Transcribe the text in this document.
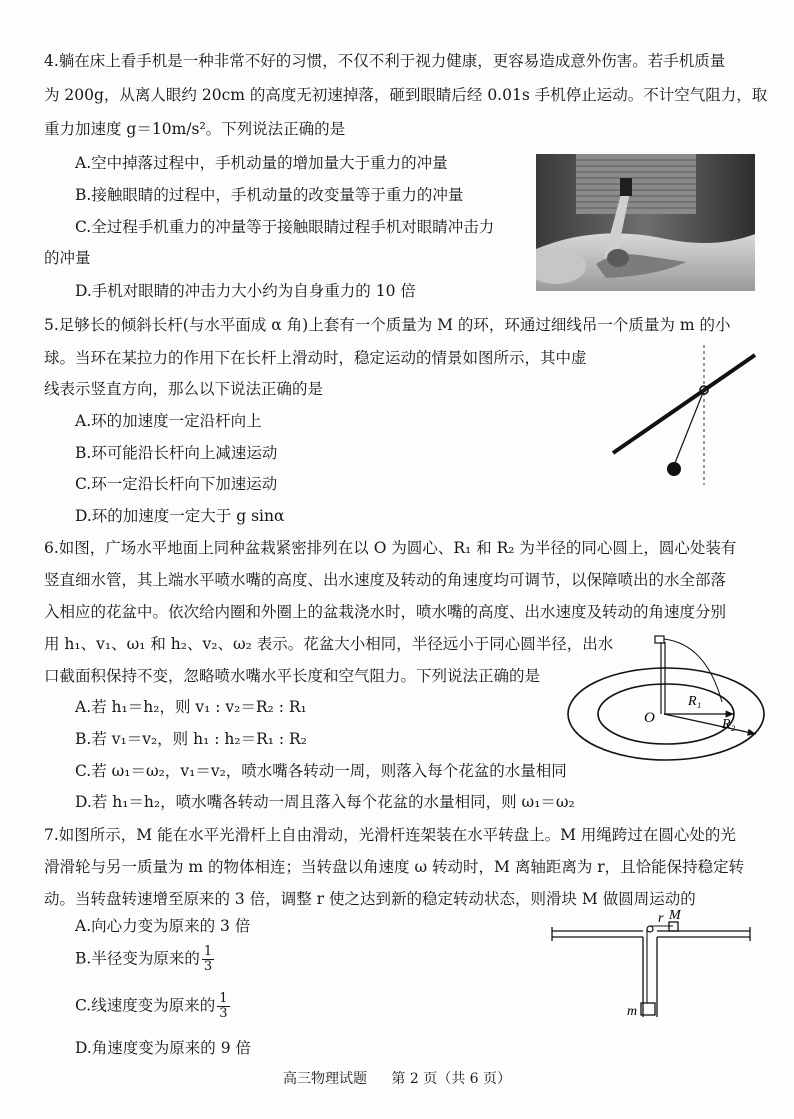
4.躺在床上看手机是一种非常不好的习惯，不仅不利于视力健康，更容易造成意外伤害。若手机质量
为 200g，从离人眼约 20cm 的高度无初速掉落，砸到眼睛后经 0.01s 手机停止运动。不计空气阻力，取
重力加速度 g＝10m/s²。下列说法正确的是
A.空中掉落过程中，手机动量的增加量大于重力的冲量
B.接触眼睛的过程中，手机动量的改变量等于重力的冲量
C.全过程手机重力的冲量等于接触眼睛过程手机对眼睛冲击力
的冲量
D.手机对眼睛的冲击力大小约为自身重力的 10 倍
5.足够长的倾斜长杆(与水平面成 α 角)上套有一个质量为 M 的环，环通过细线吊一个质量为 m 的小
球。当环在某拉力的作用下在长杆上滑动时，稳定运动的情景如图所示，其中虚
线表示竖直方向，那么以下说法正确的是
A.环的加速度一定沿杆向上
B.环可能沿长杆向上减速运动
C.环一定沿长杆向下加速运动
D.环的加速度一定大于 g sinα
6.如图，广场水平地面上同种盆栽紧密排列在以 O 为圆心、R₁ 和 R₂ 为半径的同心圆上，圆心处装有
竖直细水管，其上端水平喷水嘴的高度、出水速度及转动的角速度均可调节，以保障喷出的水全部落
入相应的花盆中。依次给内圈和外圈上的盆栽浇水时，喷水嘴的高度、出水速度及转动的角速度分别
用 h₁、v₁、ω₁ 和 h₂、v₂、ω₂ 表示。花盆大小相同，半径远小于同心圆半径，出水
口截面积保持不变，忽略喷水嘴水平长度和空气阻力。下列说法正确的是
A.若 h₁＝h₂，则 v₁ : v₂＝R₂ : R₁
B.若 v₁＝v₂，则 h₁ : h₂＝R₁ : R₂
C.若 ω₁＝ω₂，v₁＝v₂，喷水嘴各转动一周，则落入每个花盆的水量相同
D.若 h₁＝h₂，喷水嘴各转动一周且落入每个花盆的水量相同，则 ω₁＝ω₂
O
R₁
R₂
7.如图所示，M 能在水平光滑杆上自由滑动，光滑杆连架装在水平转盘上。M 用绳跨过在圆心处的光
滑滑轮与另一质量为 m 的物体相连；当转盘以角速度 ω 转动时，M 离轴距离为 r，且恰能保持稳定转
动。当转盘转速增至原来的 3 倍，调整 r 使之达到新的稳定转动状态，则滑块 M 做圆周运动的
A.向心力变为原来的 3 倍
B.半径变为原来的 $\frac{1}{3}$
C.线速度变为原来的 $\frac{1}{3}$
D.角速度变为原来的 9 倍
r M
m
高三物理试题 第 2 页（共 6 页）
